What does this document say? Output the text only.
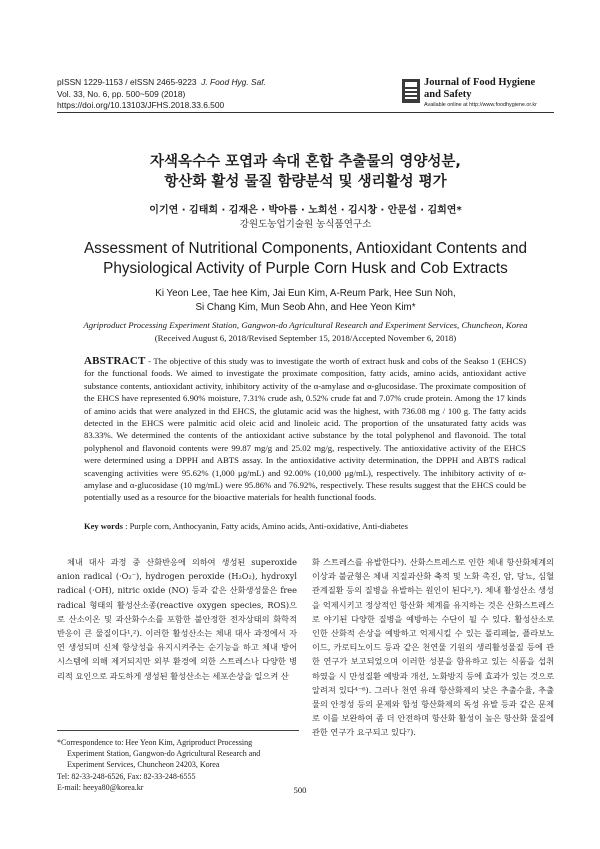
pISSN 1229-1153 / eISSN 2465-9223 J. Food Hyg. Saf.
Vol. 33, No. 6, pp. 500~509 (2018)
https://doi.org/10.13103/JFHS.2018.33.6.500
Journal of Food Hygiene
and Safety
Available online at http://www.foodhygiene.or.kr
자색옥수수 포엽과 속대 혼합 추출물의 영양성분,
항산화 활성 물질 함량분석 및 생리활성 평가
이기연 · 김태희 · 김재은 · 박아름 · 노희선 · 김시창 · 안문섭 · 김희연*
강원도농업기술원 농식품연구소
Assessment of Nutritional Components, Antioxidant Contents and
Physiological Activity of Purple Corn Husk and Cob Extracts
Ki Yeon Lee, Tae hee Kim, Jai Eun Kim, A-Reum Park, Hee Sun Noh,
Si Chang Kim, Mun Seob Ahn, and Hee Yeon Kim*
Agriproduct Processing Experiment Station, Gangwon-do Agricultural Research and Experiment Services, Chuncheon, Korea
(Received August 6, 2018/Revised September 15, 2018/Accepted November 6, 2018)
ABSTRACT - The objective of this study was to investigate the worth of extract husk and cobs of the Seakso 1 (EHCS) for the functional foods. We aimed to investigate the proximate composition, fatty acids, amino acids, antioxidant active substance contents, antioxidant activity, inhibitory activity of the α-amylase and α-glucosidase. The proximate composition of the EHCS have represented 6.90% moisture, 7.31% crude ash, 0.52% crude fat and 7.07% crude protein. Among the 17 kinds of amino acids that were analyzed in thd EHCS, the glutamic acid was the highest, with 736.08 mg / 100 g. The fatty acids detected in the EHCS were palmitic acid oleic acid and linoleic acid. The proportion of the unsaturated fatty acids was 83.33%. We determined the contents of the antioxidant active substance by the total polyphenol and flavonoid. The total polyphenol and flavonoid contents were 99.87 mg/g and 25.02 mg/g, respectively. The antioxidative activity of the EHCS were determined using a DPPH and ABTS assay. In the antioxidative activity determination, the DPPH and ABTS radical scavenging activities were 95.62% (1,000 μg/mL) and 92.00% (10,000 μg/mL), respectively. The inhibitory activity of α-amylase and α-glucosidase (10 mg/mL) were 95.86% and 76.92%, respectively. These results suggest that the EHCS could be potentially used as a resource for the bioactive materials for health functional foods.
Key words : Purple corn, Anthocyanin, Fatty acids, Amino acids, Anti-oxidative, Anti-diabetes
체내 대사 과정 중 산화반응에 의하여 생성된 superoxide anion radical (·O₂⁻), hydrogen peroxide (H₂O₂), hydroxyl radical (·OH), nitric oxide (NO) 등과 같은 산화생성물은 free radical 형태의 활성산소종(reactive oxygen species, ROS)으로 산소이온 및 과산화수소를 포함한 불안정한 전자상태의 화학적 반응이 큰 물질이다¹,²). 이러한 활성산소는 체내 대사 과정에서 자연 생성되며 신체 항상성을 유지시켜주는 순기능을 하고 체내 방어시스템에 의해 제거되지만 외부 환경에 의한 스트레스나 다양한 병리적 요인으로 과도하게 생성된 활성산소는 세포손상을 일으켜 산
화 스트레스를 유발한다³). 산화스트레스로 인한 체내 항산화체계의 이상과 불균형은 체내 지질과산화 축적 및 노화 촉진, 암, 당뇨, 심혈관계질환 등의 질병을 유발하는 원인이 된다²,³). 체내 활성산소 생성을 억제시키고 정상적인 항산화 체계를 유지하는 것은 산화스트레스로 야기된 다양한 질병을 예방하는 수단이 될 수 있다. 활성산소로 인한 산화적 손상을 예방하고 억제시킬 수 있는 폴리페놀, 플라보노이드, 카로티노이드 등과 같은 천연물 기원의 생리활성물질 등에 관한 연구가 보고되었으며 이러한 성분을 함유하고 있는 식품을 섭취하였을 시 만성질환 예방과 개선, 노화방지 등에 효과가 있는 것으로 알려져 있다⁴⁻⁶). 그러나 천연 유래 항산화제의 낮은 추출수율, 추출물의 안정성 등의 문제와 합성 항산화제의 독성 유발 등과 같은 문제로 이를 보완하여 좀 더 안전하며 항산화 활성이 높은 항산화 물질에 관한 연구가 요구되고 있다⁷).
*Correspondence to: Hee Yeon Kim, Agriproduct Processing
Experiment Station, Gangwon-do Agricultural Research and
Experiment Services, Chuncheon 24203, Korea
Tel: 82-33-248-6526, Fax: 82-33-248-6555
E-mail: heeya80@korea.kr	500
